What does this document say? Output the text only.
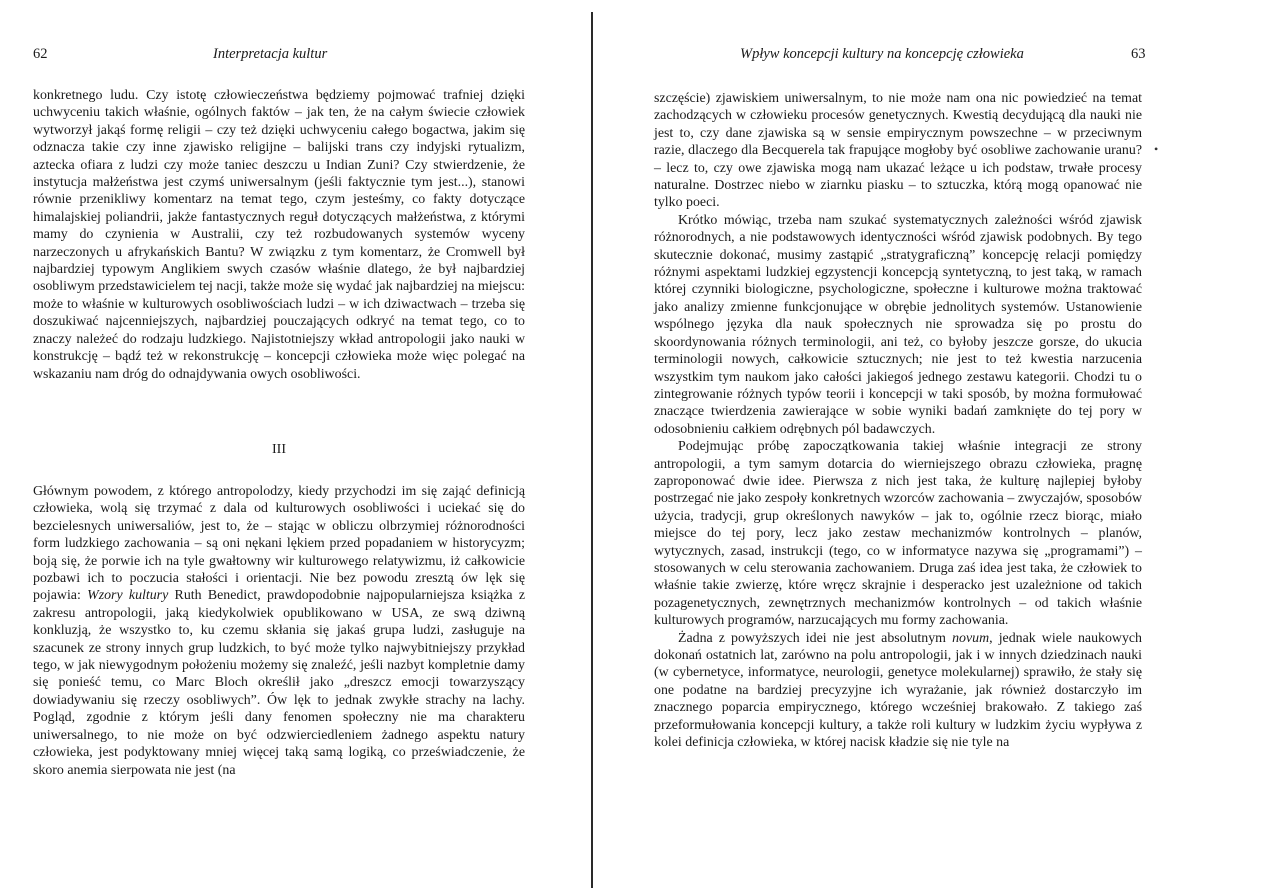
62	Interpretacja kultur

konkretnego ludu. Czy istotę człowieczeństwa będziemy pojmować trafniej dzięki uchwyceniu takich właśnie, ogólnych faktów – jak ten, że na całym świecie człowiek wytworzył jakąś formę religii – czy też dzięki uchwyceniu całego bogactwa, jakim się odznacza takie czy inne zjawisko religijne – balijski trans czy indyjski rytualizm, aztecka ofiara z ludzi czy może taniec deszczu u Indian Zuni? Czy stwierdzenie, że instytucja małżeństwa jest czymś uniwersalnym (jeśli faktycznie tym jest...), stanowi równie przenikliwy komentarz na temat tego, czym jesteśmy, co fakty dotyczące himalajskiej poliandrii, jakże fantastycznych reguł dotyczących małżeństwa, z którymi mamy do czynienia w Australii, czy też rozbudowanych systemów wyceny narzeczonych u afrykańskich Bantu? W związku z tym komentarz, że Cromwell był najbardziej typowym Anglikiem swych czasów właśnie dlatego, że był najbardziej osobliwym przedstawicielem tej nacji, także może się wydać jak najbardziej na miejscu: może to właśnie w kulturowych osobliwościach ludzi – w ich dziwactwach – trzeba się doszukiwać najcenniejszych, najbardziej pouczających odkryć na temat tego, co to znaczy należeć do rodzaju ludzkiego. Najistotniejszy wkład antropologii jako nauki w konstrukcję – bądź też w rekonstrukcję – koncepcji człowieka może więc polegać na wskazaniu nam dróg do odnajdywania owych osobliwości.

III

Głównym powodem, z którego antropolodzy, kiedy przychodzi im się zająć definicją człowieka, wolą się trzymać z dala od kulturowych osobliwości i uciekać się do bezcielesnych uniwersaliów, jest to, że – stając w obliczu olbrzymiej różnorodności form ludzkiego zachowania – są oni nękani lękiem przed popadaniem w historycyzm; boją się, że porwie ich na tyle gwałtowny wir kulturowego relatywizmu, iż całkowicie pozbawi ich to poczucia stałości i orientacji. Nie bez powodu zresztą ów lęk się pojawia: Wzory kultury Ruth Benedict, prawdopodobnie najpopularniejsza książka z zakresu antropologii, jaką kiedykolwiek opublikowano w USA, ze swą dziwną konkluzją, że wszystko to, ku czemu skłania się jakaś grupa ludzi, zasługuje na szacunek ze strony innych grup ludzkich, to być może tylko najwybitniejszy przykład tego, w jak niewygodnym położeniu możemy się znaleźć, jeśli nazbyt kompletnie damy się ponieść temu, co Marc Bloch określił jako „dreszcz emocji towarzyszący dowiadywaniu się rzeczy osobliwych”. Ów lęk to jednak zwykłe strachy na lachy. Pogląd, zgodnie z którym jeśli dany fenomen społeczny nie ma charakteru uniwersalnego, to nie może on być odzwierciedleniem żadnego aspektu natury człowieka, jest podyktowany mniej więcej taką samą logiką, co przeświadczenie, że skoro anemia sierpowata nie jest (na

Wpływ koncepcji kultury na koncepcję człowieka	63
•

szczęście) zjawiskiem uniwersalnym, to nie może nam ona nic powiedzieć na temat zachodzących w człowieku procesów genetycznych. Kwestią decydującą dla nauki nie jest to, czy dane zjawiska są w sensie empirycznym powszechne – w przeciwnym razie, dlaczego dla Becquerela tak frapujące mogłoby być osobliwe zachowanie uranu? – lecz to, czy owe zjawiska mogą nam ukazać leżące u ich podstaw, trwałe procesy naturalne. Dostrzec niebo w ziarnku piasku – to sztuczka, którą mogą opanować nie tylko poeci.

Krótko mówiąc, trzeba nam szukać systematycznych zależności wśród zjawisk różnorodnych, a nie podstawowych identyczności wśród zjawisk podobnych. By tego skutecznie dokonać, musimy zastąpić „stratygraficzną” koncepcję relacji pomiędzy różnymi aspektami ludzkiej egzystencji koncepcją syntetyczną, to jest taką, w ramach której czynniki biologiczne, psychologiczne, społeczne i kulturowe można traktować jako analizy zmienne funkcjonujące w obrębie jednolitych systemów. Ustanowienie wspólnego języka dla nauk społecznych nie sprowadza się po prostu do skoordynowania różnych terminologii, ani też, co byłoby jeszcze gorsze, do ukucia terminologii nowych, całkowicie sztucznych; nie jest to też kwestia narzucenia wszystkim tym naukom jako całości jakiegoś jednego zestawu kategorii. Chodzi tu o zintegrowanie różnych typów teorii i koncepcji w taki sposób, by można formułować znaczące twierdzenia zawierające w sobie wyniki badań zamknięte do tej pory w odosobnieniu całkiem odrębnych pól badawczych.

Podejmując próbę zapoczątkowania takiej właśnie integracji ze strony antropologii, a tym samym dotarcia do wierniejszego obrazu człowieka, pragnę zaproponować dwie idee. Pierwsza z nich jest taka, że kulturę najlepiej byłoby postrzegać nie jako zespoły konkretnych wzorców zachowania – zwyczajów, sposobów użycia, tradycji, grup określonych nawyków – jak to, ogólnie rzecz biorąc, miało miejsce do tej pory, lecz jako zestaw mechanizmów kontrolnych – planów, wytycznych, zasad, instrukcji (tego, co w informatyce nazywa się „programami”) – stosowanych w celu sterowania zachowaniem. Druga zaś idea jest taka, że człowiek to właśnie takie zwierzę, które wręcz skrajnie i desperacko jest uzależnione od takich pozagenetycznych, zewnętrznych mechanizmów kontrolnych – od takich właśnie kulturowych programów, narzucających mu formy zachowania.

Żadna z powyższych idei nie jest absolutnym novum, jednak wiele naukowych dokonań ostatnich lat, zarówno na polu antropologii, jak i w innych dziedzinach nauki (w cybernetyce, informatyce, neurologii, genetyce molekularnej) sprawiło, że stały się one podatne na bardziej precyzyjne ich wyrażanie, jak również dostarczyło im znacznego poparcia empirycznego, którego wcześniej brakowało. Z takiego zaś przeformułowania koncepcji kultury, a także roli kultury w ludzkim życiu wypływa z kolei definicja człowieka, w której nacisk kładzie się nie tyle na
